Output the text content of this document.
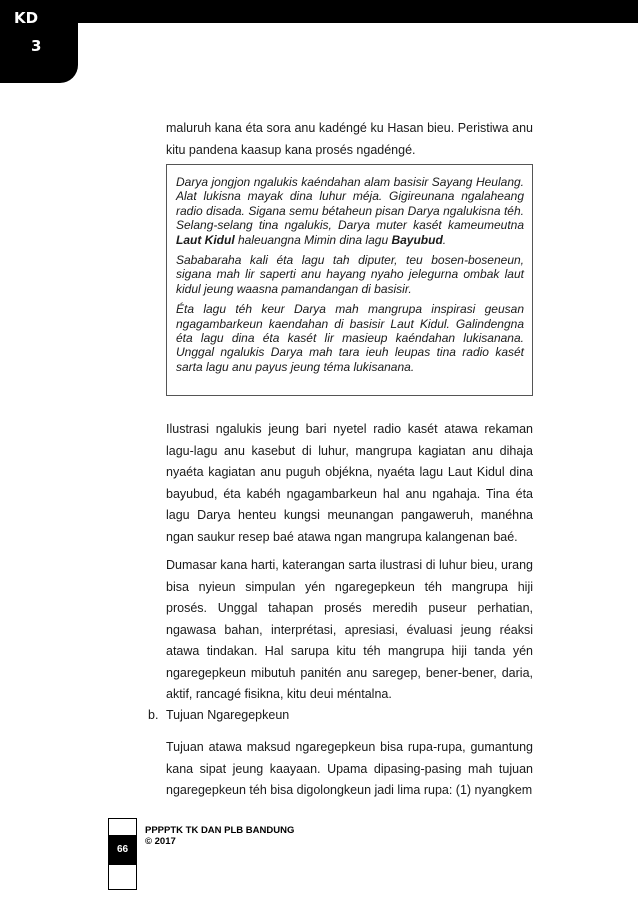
KD
3

maluruh kana éta sora anu kadéngé ku Hasan bieu. Peristiwa anu kitu pandena kaasup kana prosés ngadéngé.

Darya jongjon ngalukis kaéndahan alam basisir Sayang Heulang. Alat lukisna mayak dina luhur méja. Gigireunana ngalaheang radio disada. Sigana semu bétaheun pisan Darya ngalukisna téh. Selang-selang tina ngalukis, Darya muter kasét kameumeutna Laut Kidul haleuangna Mimin dina lagu Bayubud.

Sababaraha kali éta lagu tah diputer, teu bosen-boseneun, sigana mah lir saperti anu hayang nyaho jelegurna ombak laut kidul jeung waasna pamandangan di basisir.

Éta lagu téh keur Darya mah mangrupa inspirasi geusan ngagambarkeun kaendahan di basisir Laut Kidul. Galindengna éta lagu dina éta kasét lir masieup kaéndahan lukisanana. Unggal ngalukis Darya mah tara ieuh leupas tina radio kasét sarta lagu anu payus jeung téma lukisanana.

Ilustrasi ngalukis jeung bari nyetel radio kasét atawa rekaman lagu-lagu anu kasebut di luhur, mangrupa kagiatan anu dihaja nyaéta kagiatan anu puguh objékna, nyaéta lagu Laut Kidul dina bayubud, éta kabéh ngagambarkeun hal anu ngahaja. Tina éta lagu Darya henteu kungsi meunangan pangaweruh, manéhna ngan saukur resep baé atawa ngan mangrupa kalangenan baé.

Dumasar kana harti, katerangan sarta ilustrasi di luhur bieu, urang bisa nyieun simpulan yén ngaregepkeun téh mangrupa hiji prosés. Unggal tahapan prosés meredih puseur perhatian, ngawasa bahan, interprétasi, apresiasi, évaluasi jeung réaksi atawa tindakan. Hal sarupa kitu téh mangrupa hiji tanda yén ngaregepkeun mibutuh panitén anu saregep, bener-bener, daria, aktif, rancagé fisikna, kitu deui méntalna.

b. Tujuan Ngaregepkeun

Tujuan atawa maksud ngaregepkeun bisa rupa-rupa, gumantung kana sipat jeung kaayaan. Upama dipasing-pasing mah tujuan ngaregepkeun téh bisa digolongkeun jadi lima rupa: (1) nyangkem

66
PPPPTK TK DAN PLB BANDUNG
© 2017
